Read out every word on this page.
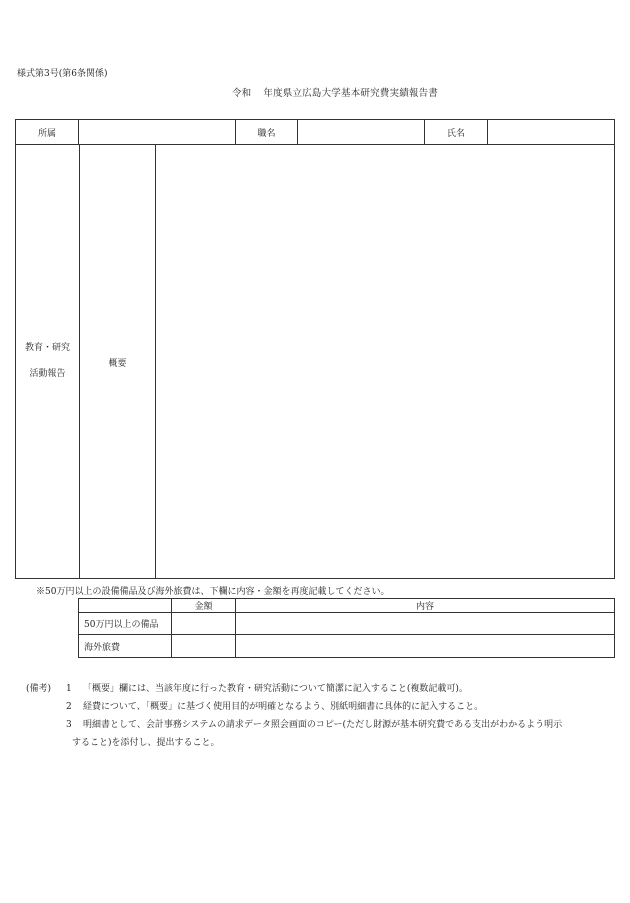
様式第3号(第6条関係)
令和 年度県立広島大学基本研究費実績報告書
所属	職名	氏名
教育・研究
活動報告
概要
※50万円以上の設備備品及び海外旅費は、下欄に内容・金額を再度記載してください。
金額	内容
50万円以上の備品
海外旅費
(備考) 1 「概要」欄には、当該年度に行った教育・研究活動について簡潔に記入すること(複数記載可)。
2 経費について、「概要」に基づく使用目的が明確となるよう、別紙明細書に具体的に記入すること。
3 明細書として、会計事務システムの請求データ照会画面のコピー(ただし財源が基本研究費である支出がわかるよう明示
すること)を添付し、提出すること。
